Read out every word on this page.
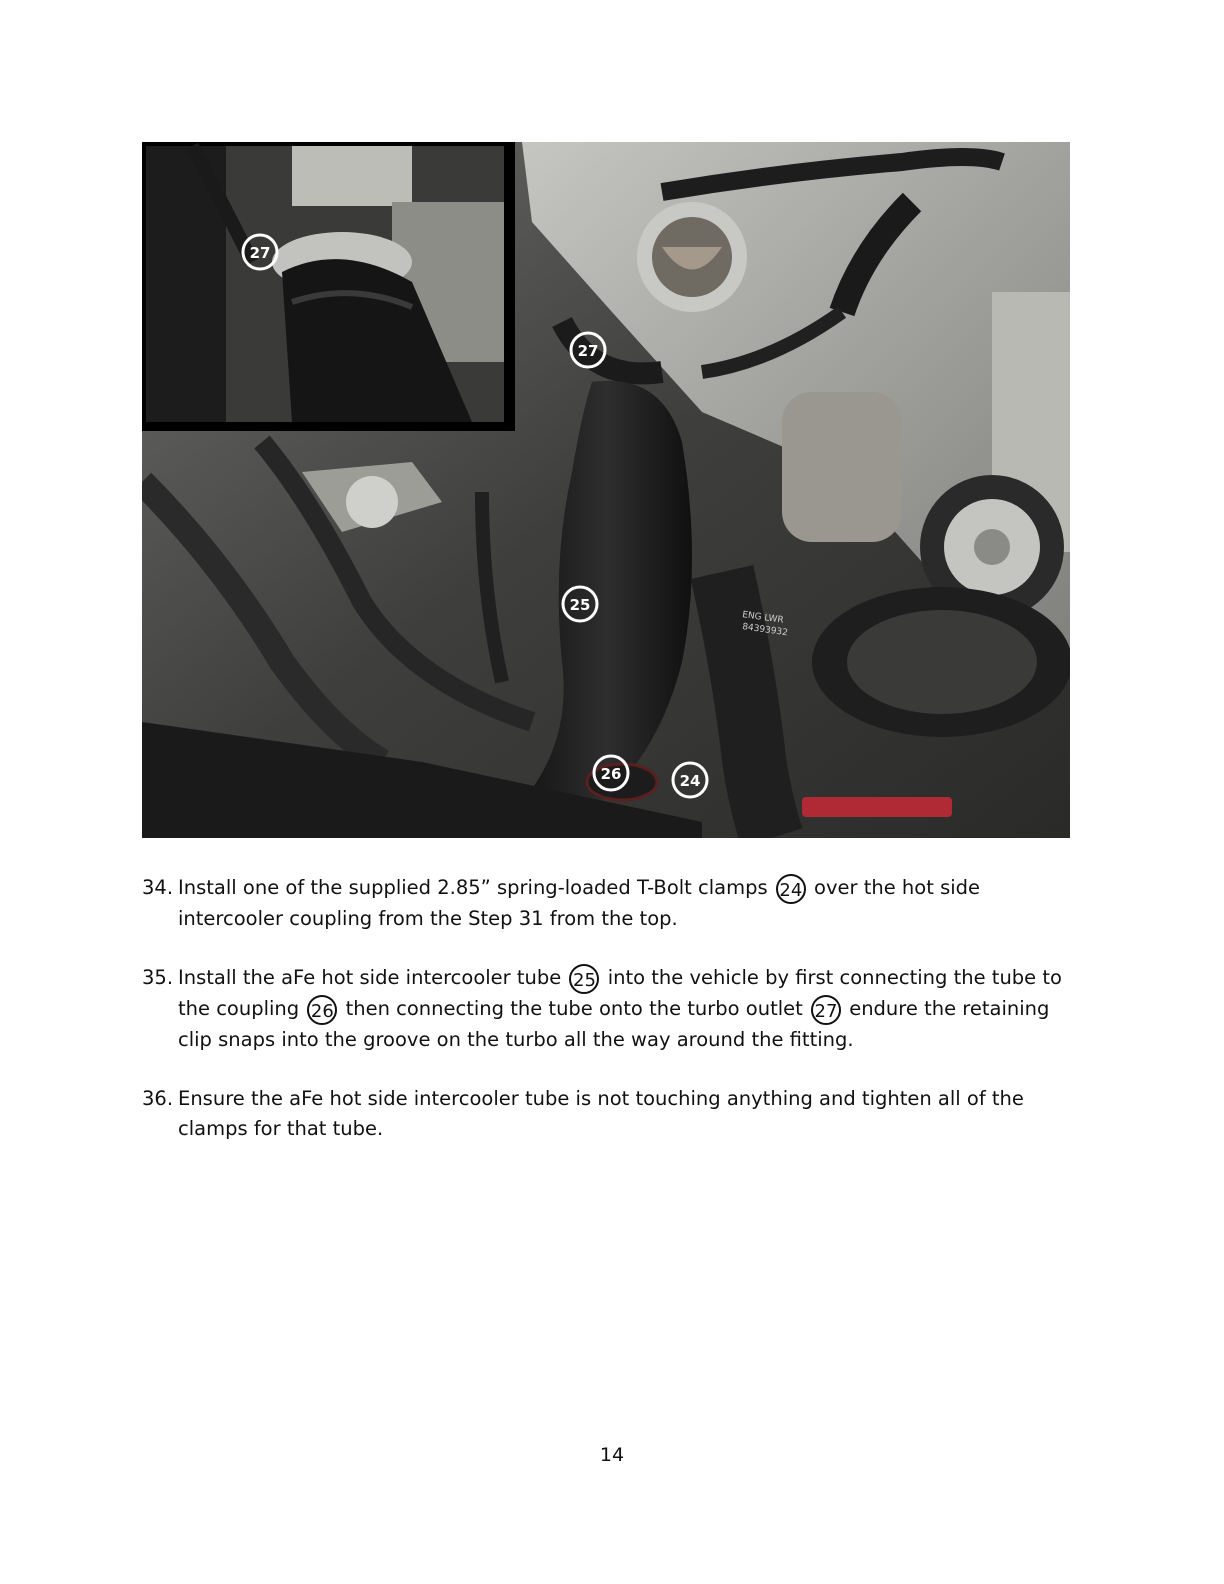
ENG LWR
84393932
27
27
25
26	24
34. Install one of the supplied 2.85” spring-loaded T-Bolt clamps 24 over the hot side intercooler coupling from the Step 31 from the top.
35. Install the aFe hot side intercooler tube 25 into the vehicle by first connecting the tube to the coupling 26 then connecting the tube onto the turbo outlet 27 endure the retaining clip snaps into the groove on the turbo all the way around the fitting.
36. Ensure the aFe hot side intercooler tube is not touching anything and tighten all of the clamps for that tube.
14
